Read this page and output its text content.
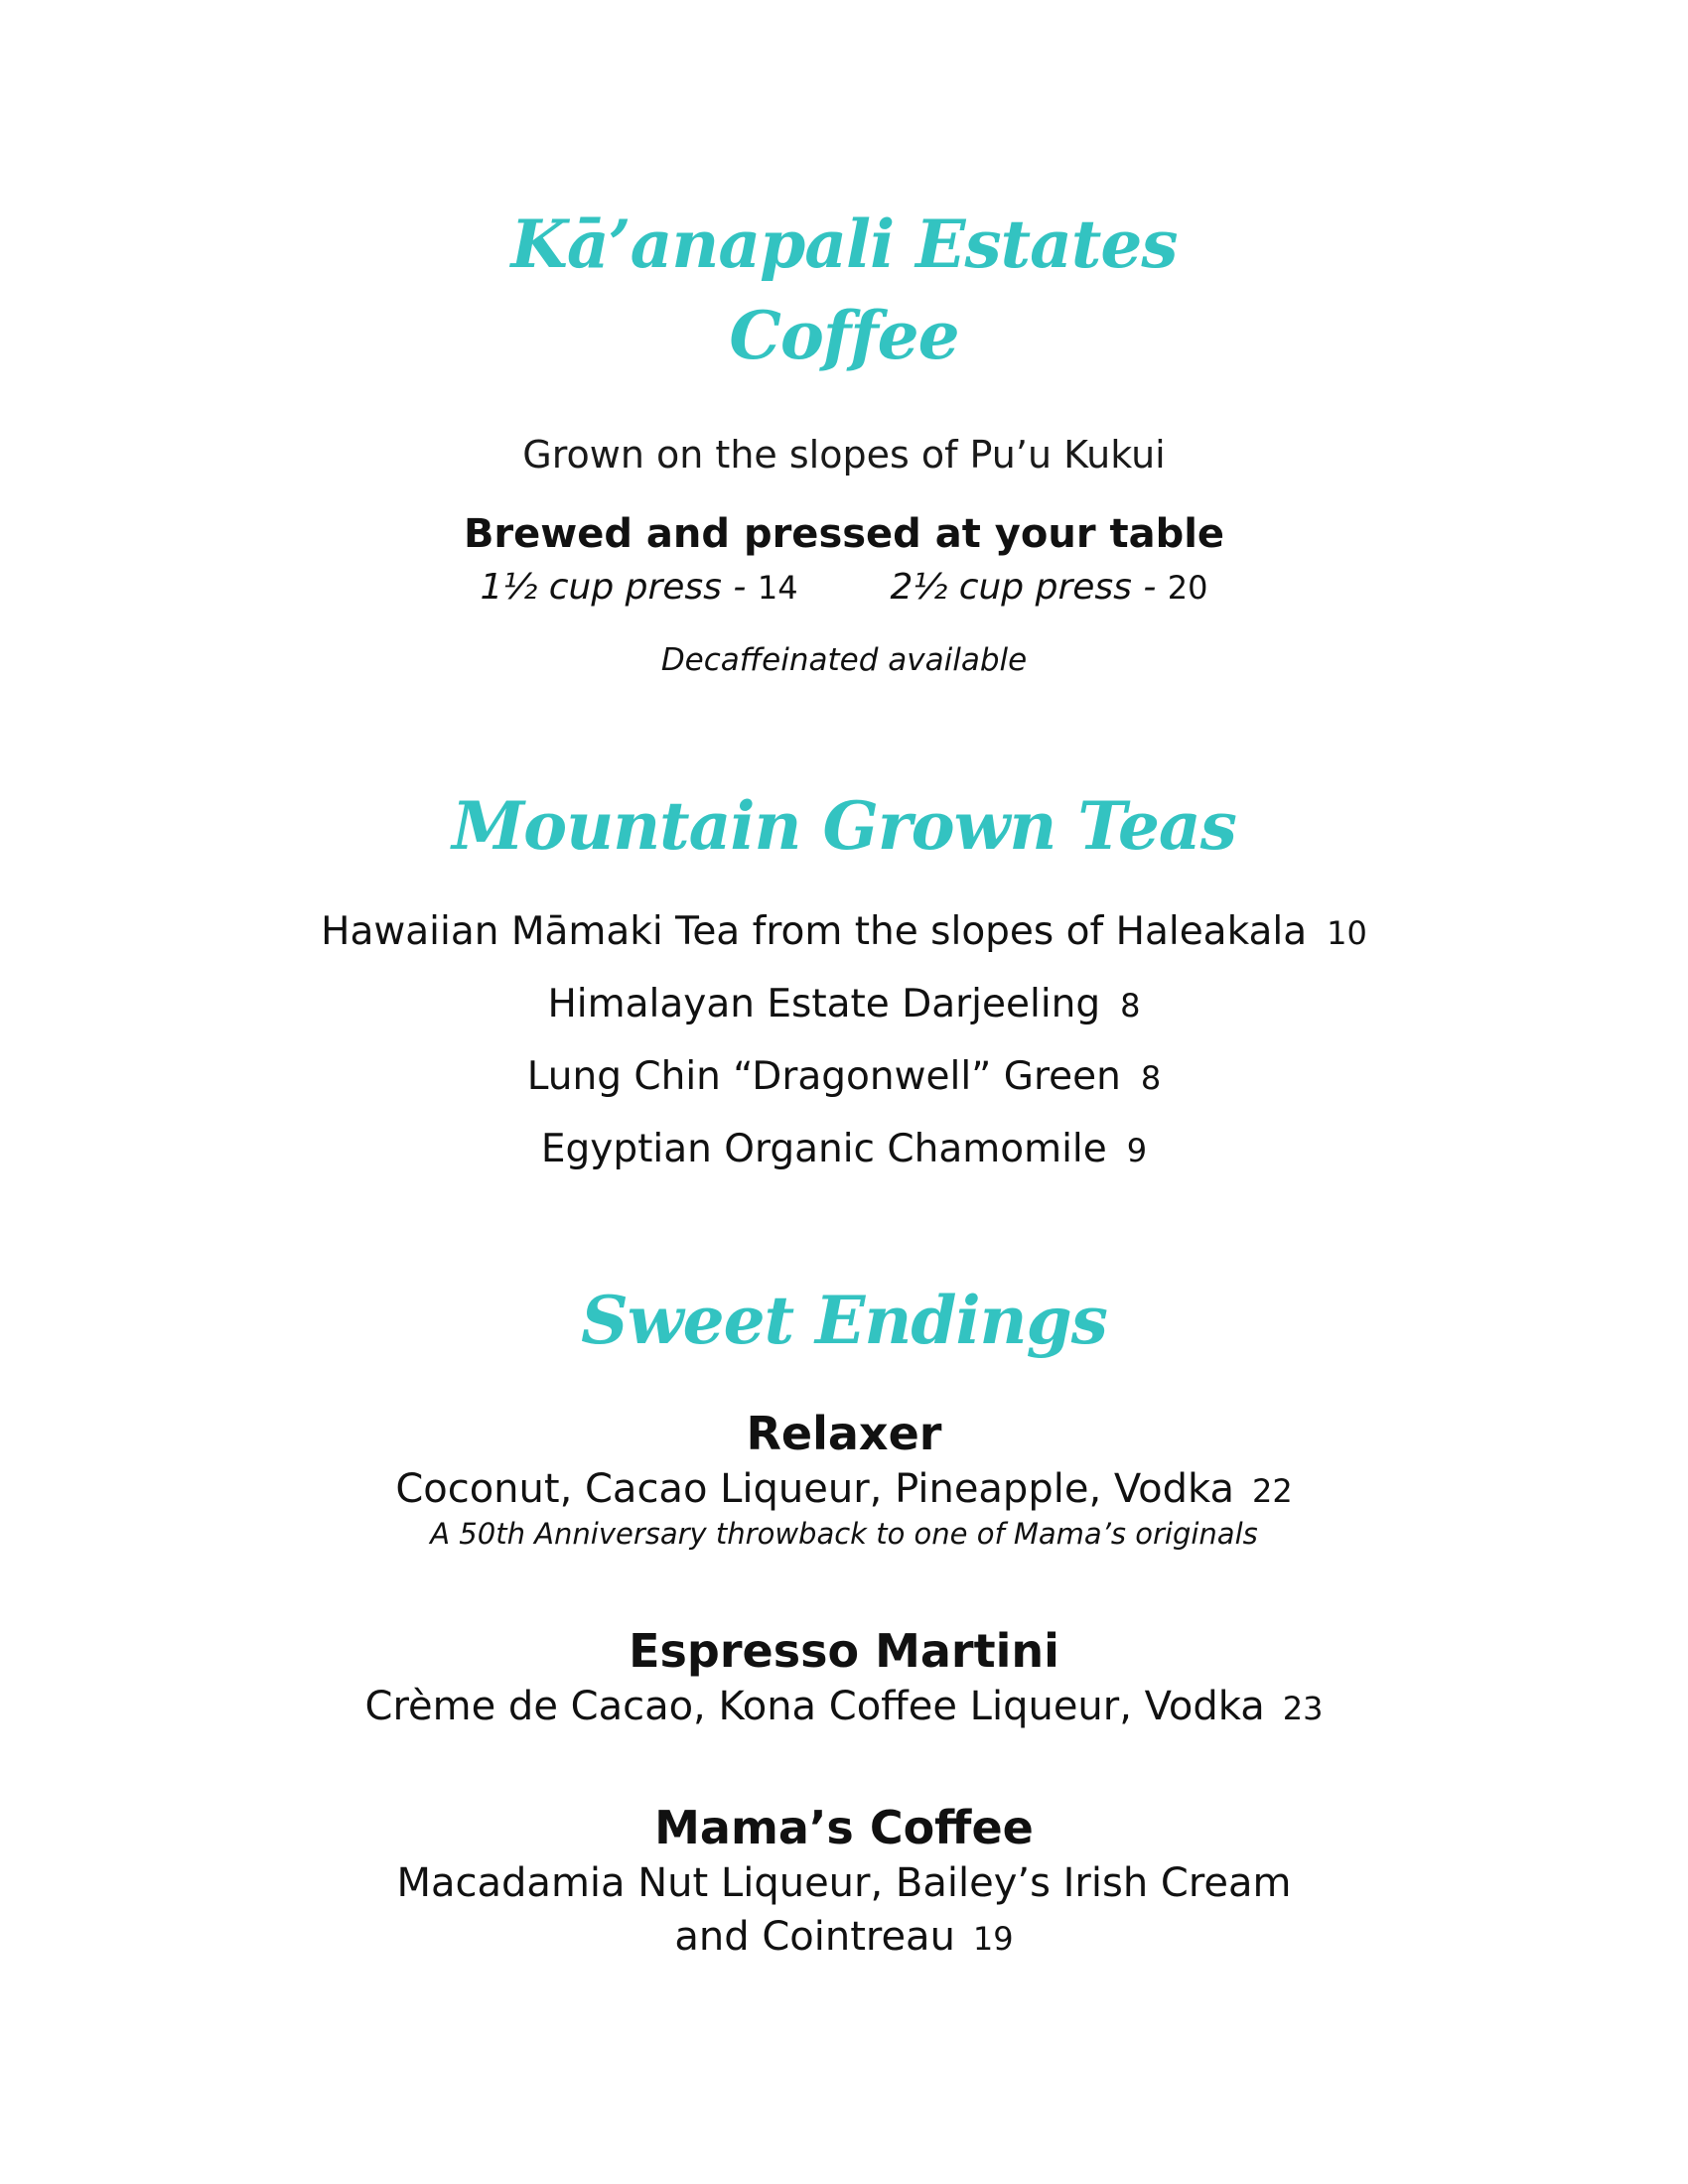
Kā’anapali Estates
Coffee
Grown on the slopes of Pu’u Kukui
Brewed and pressed at your table
1½ cup press - 14	2½ cup press - 20
Decaffeinated available
Mountain Grown Teas
Hawaiian Māmaki Tea from the slopes of Haleakala 10
Himalayan Estate Darjeeling 8
Lung Chin “Dragonwell” Green 8
Egyptian Organic Chamomile 9
Sweet Endings
Relaxer
Coconut, Cacao Liqueur, Pineapple, Vodka 22
A 50th Anniversary throwback to one of Mama’s originals
Espresso Martini
Crème de Cacao, Kona Coffee Liqueur, Vodka 23
Mama’s Coffee
Macadamia Nut Liqueur, Bailey’s Irish Cream
and Cointreau 19
